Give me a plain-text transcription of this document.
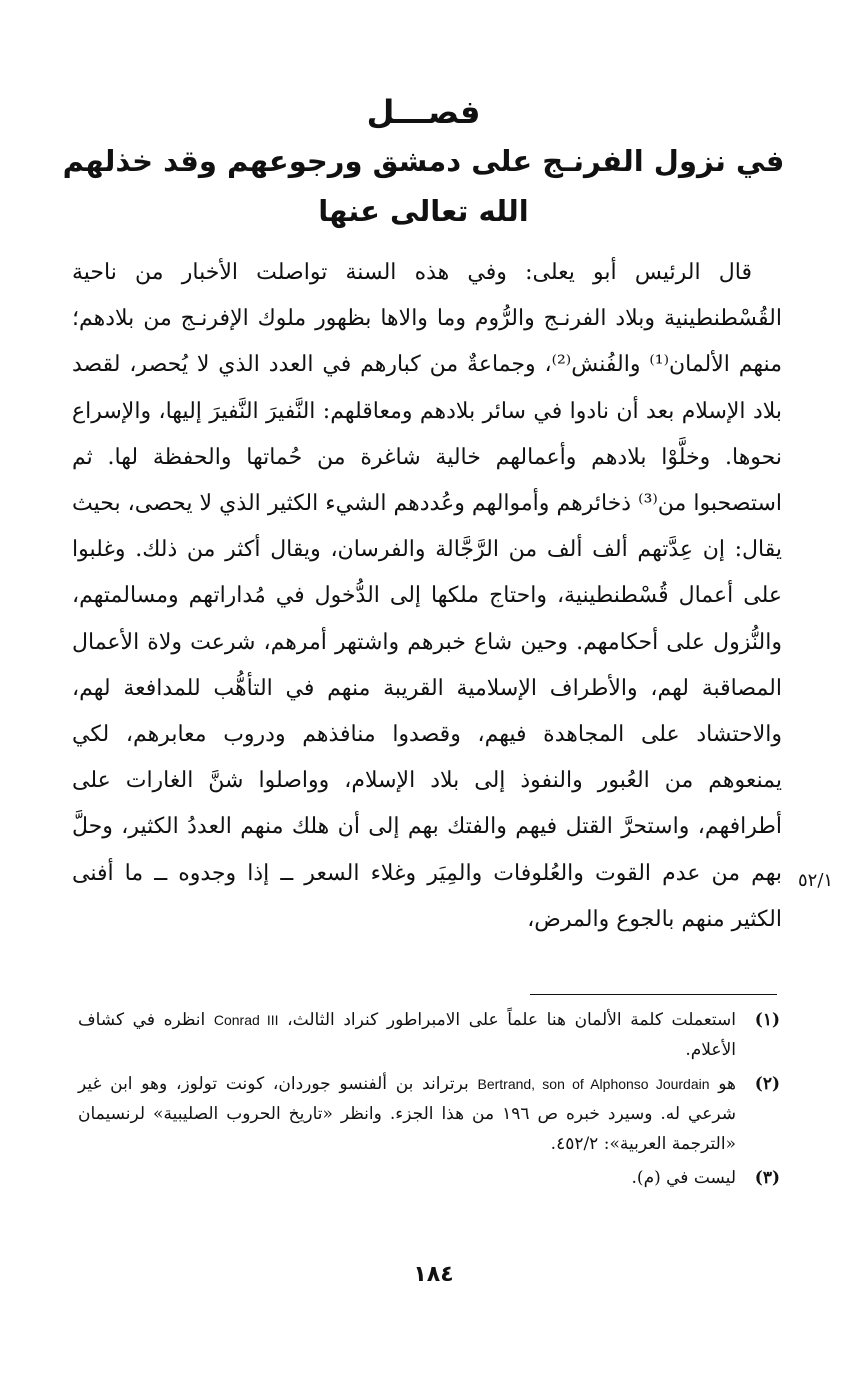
فصـــل
في نزول الفرنـج على دمشق ورجوعهم وقد خذلهم الله تعالى عنها

قال الرئيس أبو يعلى: وفي هذه السنة تواصلت الأخبار من ناحية القُسْطنطينية وبلاد الفرنـج والرُّوم وما والاها بظهور ملوك الإفرنـج من بلادهم؛ منهم الألمان⁽¹⁾ والفُنش⁽²⁾، وجماعةٌ من كبارهم في العدد الذي لا يُحصر، لقصد بلاد الإسلام بعد أن نادوا في سائر بلادهم ومعاقلهم: النَّفيرَ النَّفيرَ إليها، والإسراع نحوها. وخلَّوْا بلادهم وأعمالهم خالية شاغرة من حُماتها والحفظة لها. ثم استصحبوا من⁽³⁾ ذخائرهم وأموالهم وعُددهم الشيء الكثير الذي لا يحصى، بحيث يقال: إن عِدَّتهم ألف ألف من الرَّجَّالة والفرسان، ويقال أكثر من ذلك. وغلبوا على أعمال قُسْطنطينية، واحتاج ملكها إلى الدُّخول في مُداراتهم ومسالمتهم، والنُّزول على أحكامهم. وحين شاع خبرهم واشتهر أمرهم، شرعت ولاة الأعمال المصاقبة لهم، والأطراف الإسلامية القريبة منهم في التأهُّب للمدافعة لهم، والاحتشاد على المجاهدة فيهم، وقصدوا منافذهم ودروب معابرهم، لكي يمنعوهم من العُبور والنفوذ إلى بلاد الإسلام، وواصلوا شنَّ الغارات على أطرافهم، واستحرَّ القتل فيهم والفتك بهم إلى أن هلك منهم العددُ الكثير، وحلَّ بهم من عدم القوت والعُلوفات والمِيَر وغلاء السعر ــ إذا وجدوه ــ ما أفنى الكثير منهم بالجوع والمرض،

٥٢/١
(١)
استعملت كلمة الألمان هنا علماً على الامبراطور كنراد الثالث، Conrad III انظره في كشاف الأعلام.
(٢)
هو Bertrand, son of Alphonso Jourdain برتراند بن ألفنسو جوردان، كونت تولوز، وهو ابن غير شرعي له. وسيرد خبره ص ١٩٦ من هذا الجزء. وانظر «تاريخ الحروب الصليبية» لرنسيمان «الترجمة العربية»: ٤٥٢/٢.
(٣)
ليست في (م).
١٨٤
